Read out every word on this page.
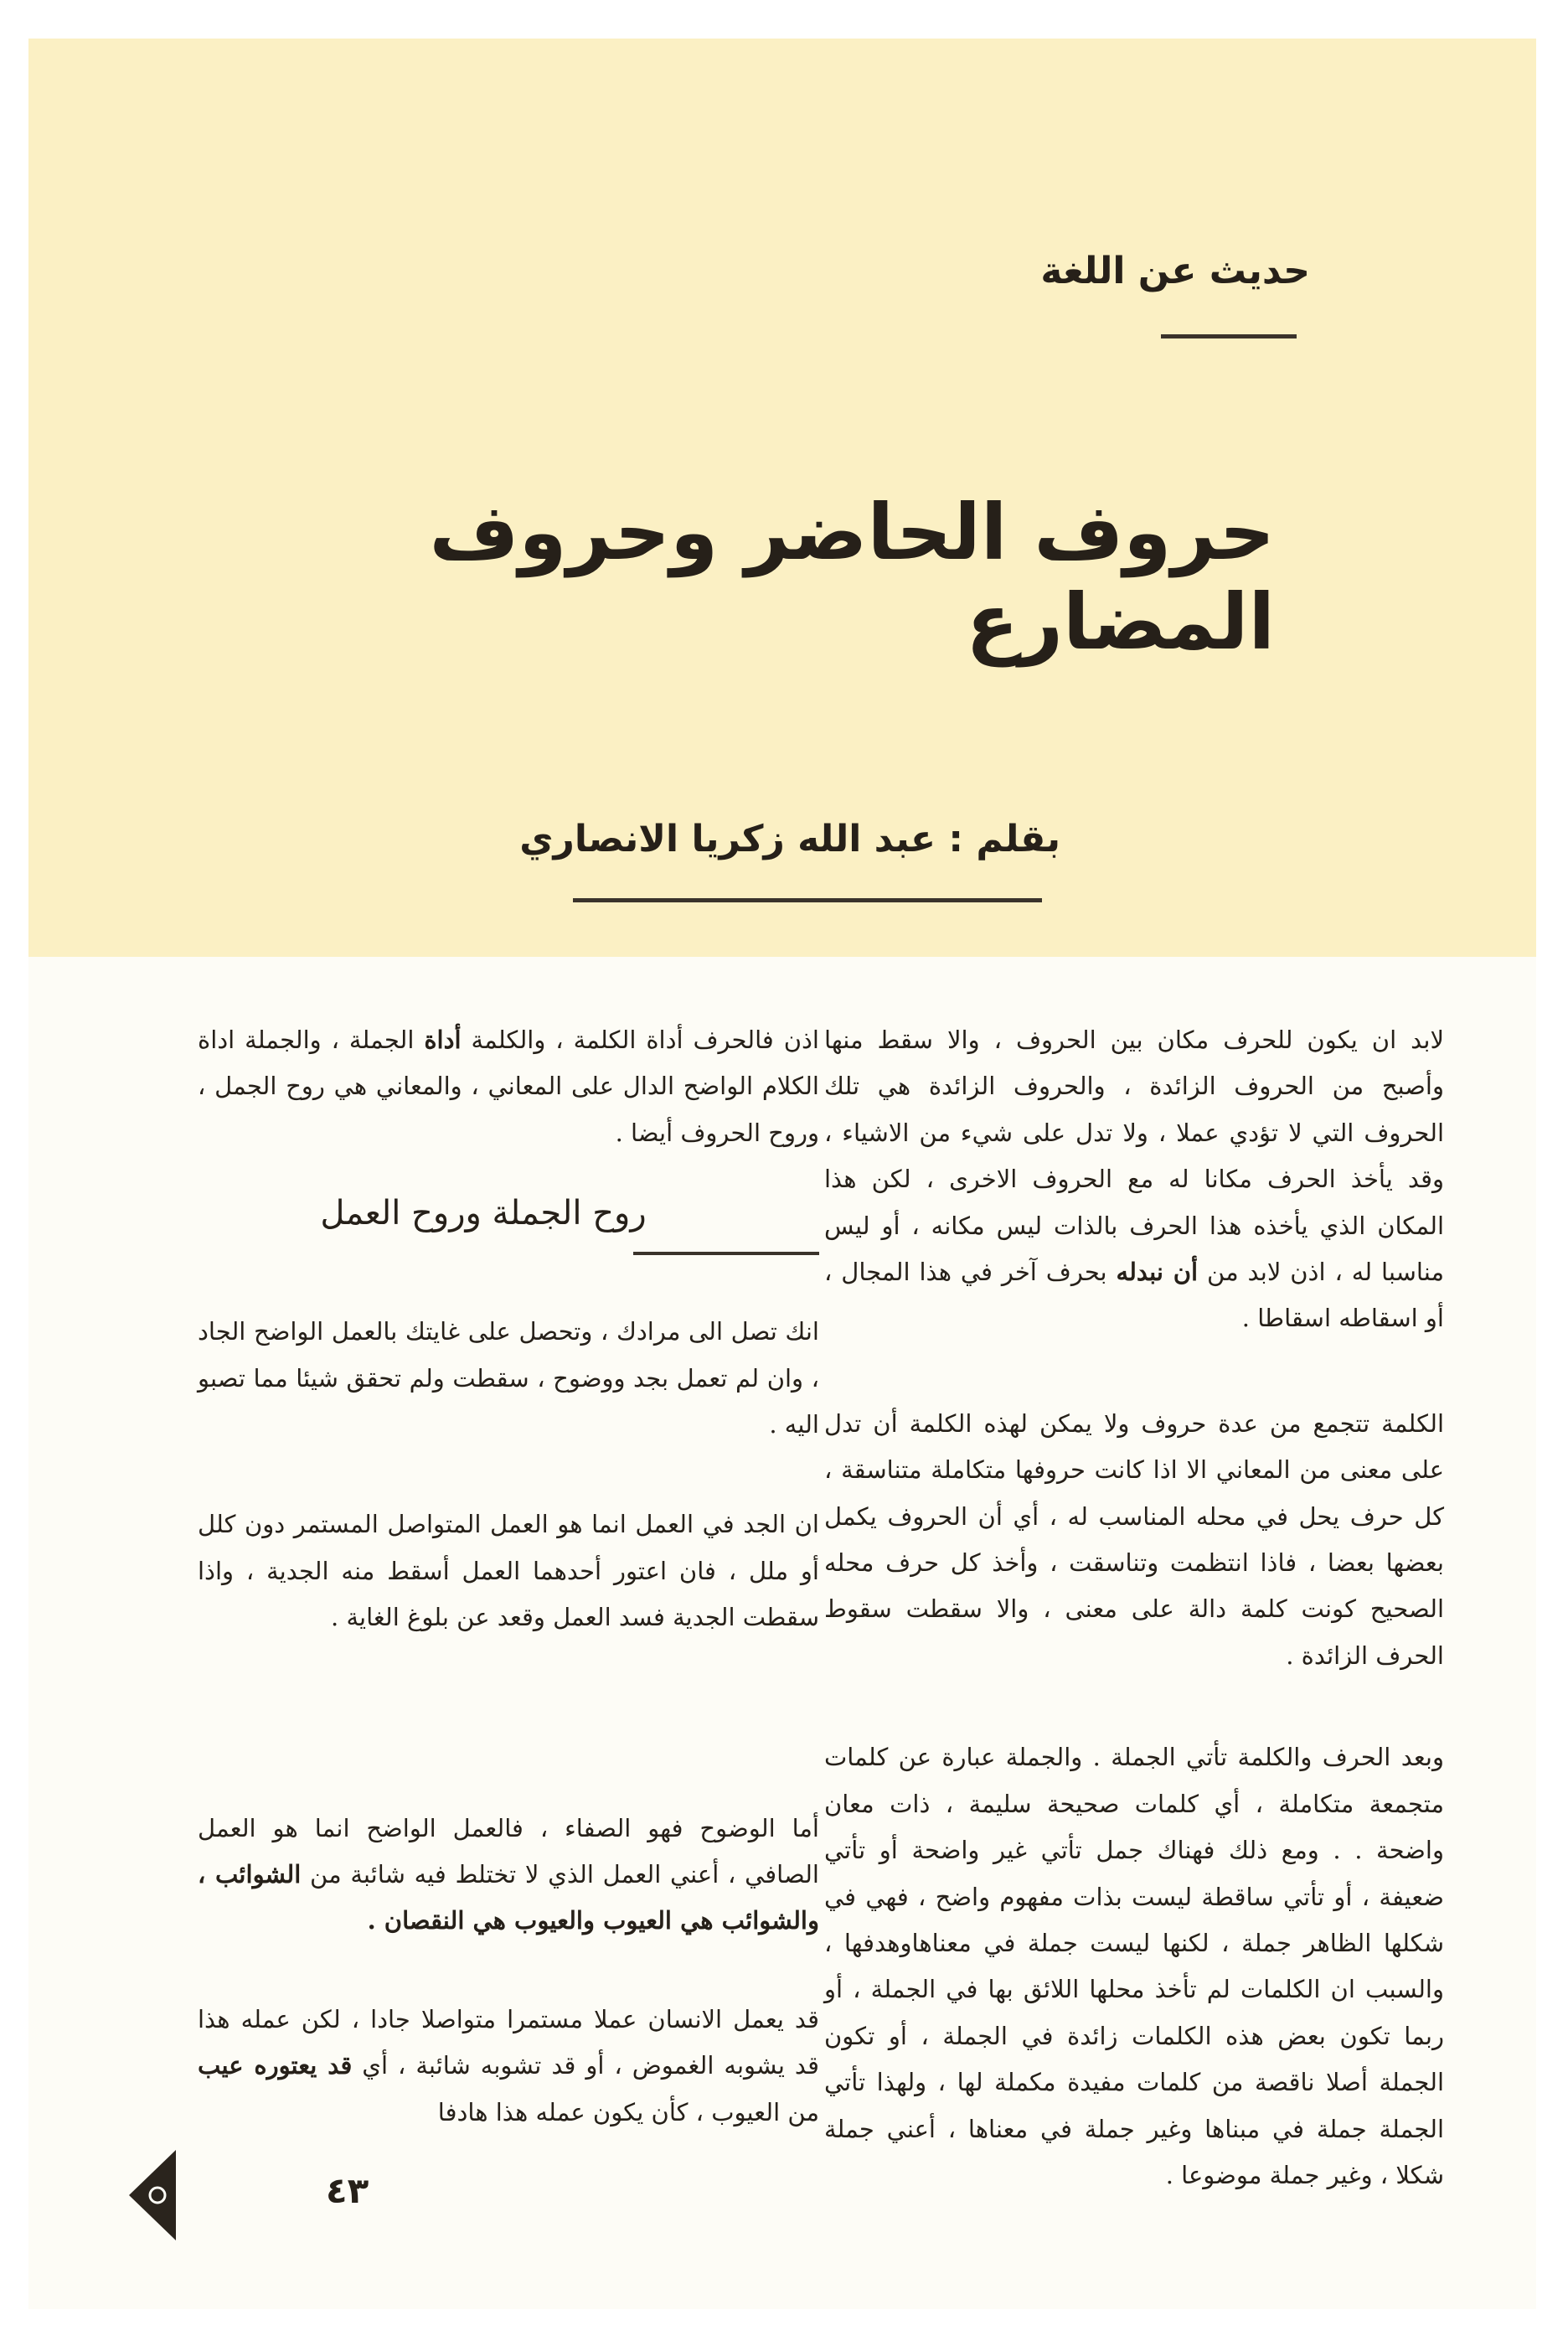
حديث عن اللغة
حروف الحاضر وحروف المضارع
بقلم : عبد الله زكريا الانصاري

لابد ان يكون للحرف مكان بين الحروف ، والا سقط منها وأصبح من الحروف الزائدة ، والحروف الزائدة هي تلك الحروف التي لا تؤدي عملا ، ولا تدل على شيء من الاشياء ، وقد يأخذ الحرف مكانا له مع الحروف الاخرى ، لكن هذا المكان الذي يأخذه هذا الحرف بالذات ليس مكانه ، أو ليس مناسبا له ، اذن لابد من أن نبدله بحرف آخر في هذا المجال ، أو اسقاطه اسقاطا .

الكلمة تتجمع من عدة حروف ولا يمكن لهذه الكلمة أن تدل على معنى من المعاني الا اذا كانت حروفها متكاملة متناسقة ، كل حرف يحل في محله المناسب له ، أي أن الحروف يكمل بعضها بعضا ، فاذا انتظمت وتناسقت ، وأخذ كل حرف محله الصحيح كونت كلمة دالة على معنى ، والا سقطت سقوط الحرف الزائدة .

وبعد الحرف والكلمة تأتي الجملة . والجملة عبارة عن كلمات متجمعة متكاملة ، أي كلمات صحيحة سليمة ، ذات معان واضحة . . ومع ذلك فهناك جمل تأتي غير واضحة أو تأتي ضعيفة ، أو تأتي ساقطة ليست بذات مفهوم واضح ، فهي في شكلها الظاهر جملة ، لكنها ليست جملة في معناهاوهدفها ، والسبب ان الكلمات لم تأخذ محلها اللائق بها في الجملة ، أو ربما تكون بعض هذه الكلمات زائدة في الجملة ، أو تكون الجملة أصلا ناقصة من كلمات مفيدة مكملة لها ، ولهذا تأتي الجملة جملة في مبناها وغير جملة في معناها ، أعني جملة شكلا ، وغير جملة موضوعا .

اذن فالحرف أداة الكلمة ، والكلمة أداة الجملة ، والجملة اداة الكلام الواضح الدال على المعاني ، والمعاني هي روح الجمل ، وروح الحروف أيضا .

روح الجملة وروح العمل

انك تصل الى مرادك ، وتحصل على غايتك بالعمل الواضح الجاد ، وان لم تعمل بجد ووضوح ، سقطت ولم تحقق شيئا مما تصبو اليه .

ان الجد في العمل انما هو العمل المتواصل المستمر دون كلل أو ملل ، فان اعتور أحدهما العمل أسقط منه الجدية ، واذا سقطت الجدية فسد العمل وقعد عن بلوغ الغاية .

أما الوضوح فهو الصفاء ، فالعمل الواضح انما هو العمل الصافي ، أعني العمل الذي لا تختلط فيه شائبة من الشوائب ، والشوائب هي العيوب والعيوب هي النقصان .

قد يعمل الانسان عملا مستمرا متواصلا جادا ، لكن عمله هذا قد يشوبه الغموض ، أو قد تشوبه شائبة ، أي قد يعتوره عيب من العيوب ، كأن يكون عمله هذا هادفا

٤٣
